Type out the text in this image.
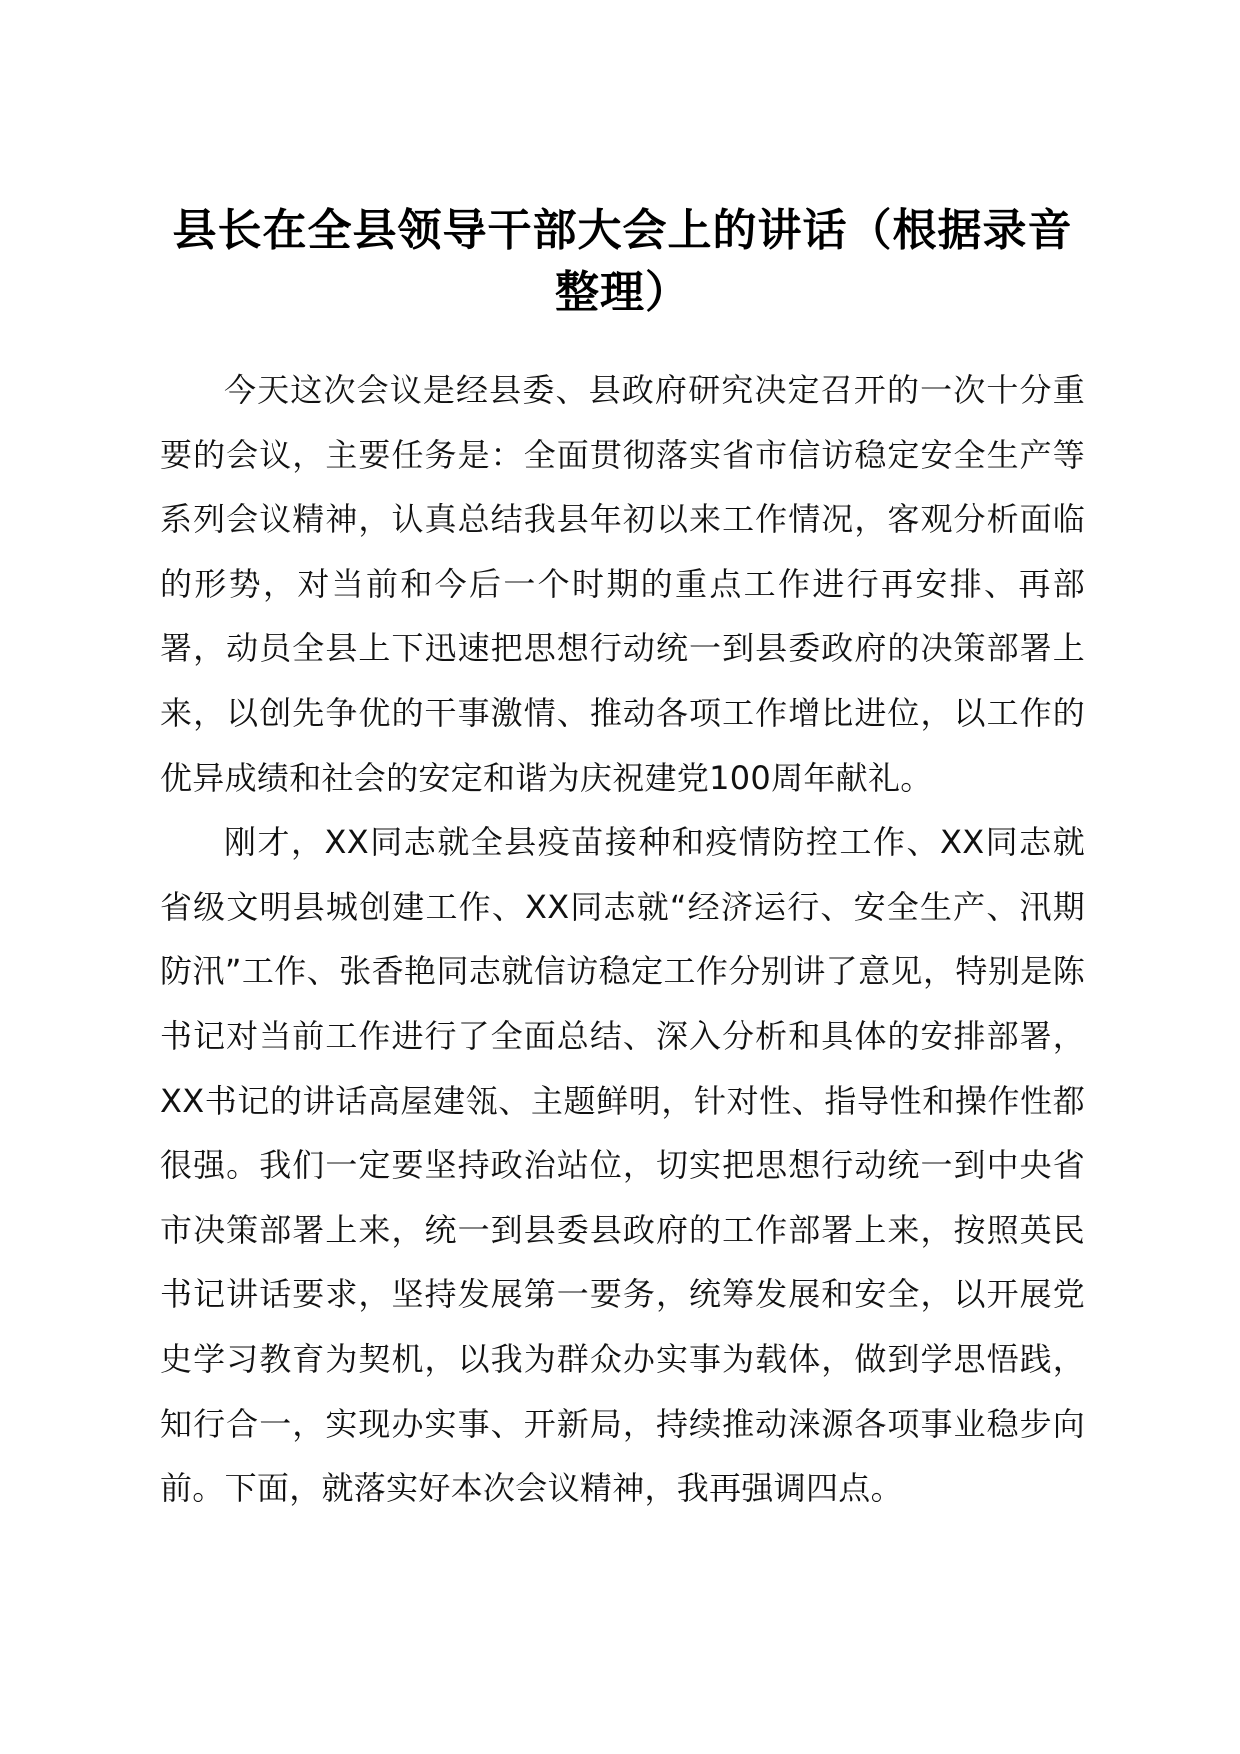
县长在全县领导干部大会上的讲话（根据录音整理）

今天这次会议是经县委、县政府研究决定召开的一次十分重要的会议，主要任务是：全面贯彻落实省市信访稳定安全生产等系列会议精神，认真总结我县年初以来工作情况，客观分析面临的形势，对当前和今后一个时期的重点工作进行再安排、再部署，动员全县上下迅速把思想行动统一到县委政府的决策部署上来，以创先争优的干事激情、推动各项工作增比进位，以工作的优异成绩和社会的安定和谐为庆祝建党100周年献礼。

刚才，XX同志就全县疫苗接种和疫情防控工作、XX同志就省级文明县城创建工作、XX同志就“经济运行、安全生产、汛期防汛”工作、张香艳同志就信访稳定工作分别讲了意见，特别是陈书记对当前工作进行了全面总结、深入分析和具体的安排部署，XX书记的讲话高屋建瓴、主题鲜明，针对性、指导性和操作性都很强。我们一定要坚持政治站位，切实把思想行动统一到中央省市决策部署上来，统一到县委县政府的工作部署上来，按照英民书记讲话要求，坚持发展第一要务，统筹发展和安全，以开展党史学习教育为契机，以我为群众办实事为载体，做到学思悟践，知行合一，实现办实事、开新局，持续推动涞源各项事业稳步向前。下面，就落实好本次会议精神，我再强调四点。
